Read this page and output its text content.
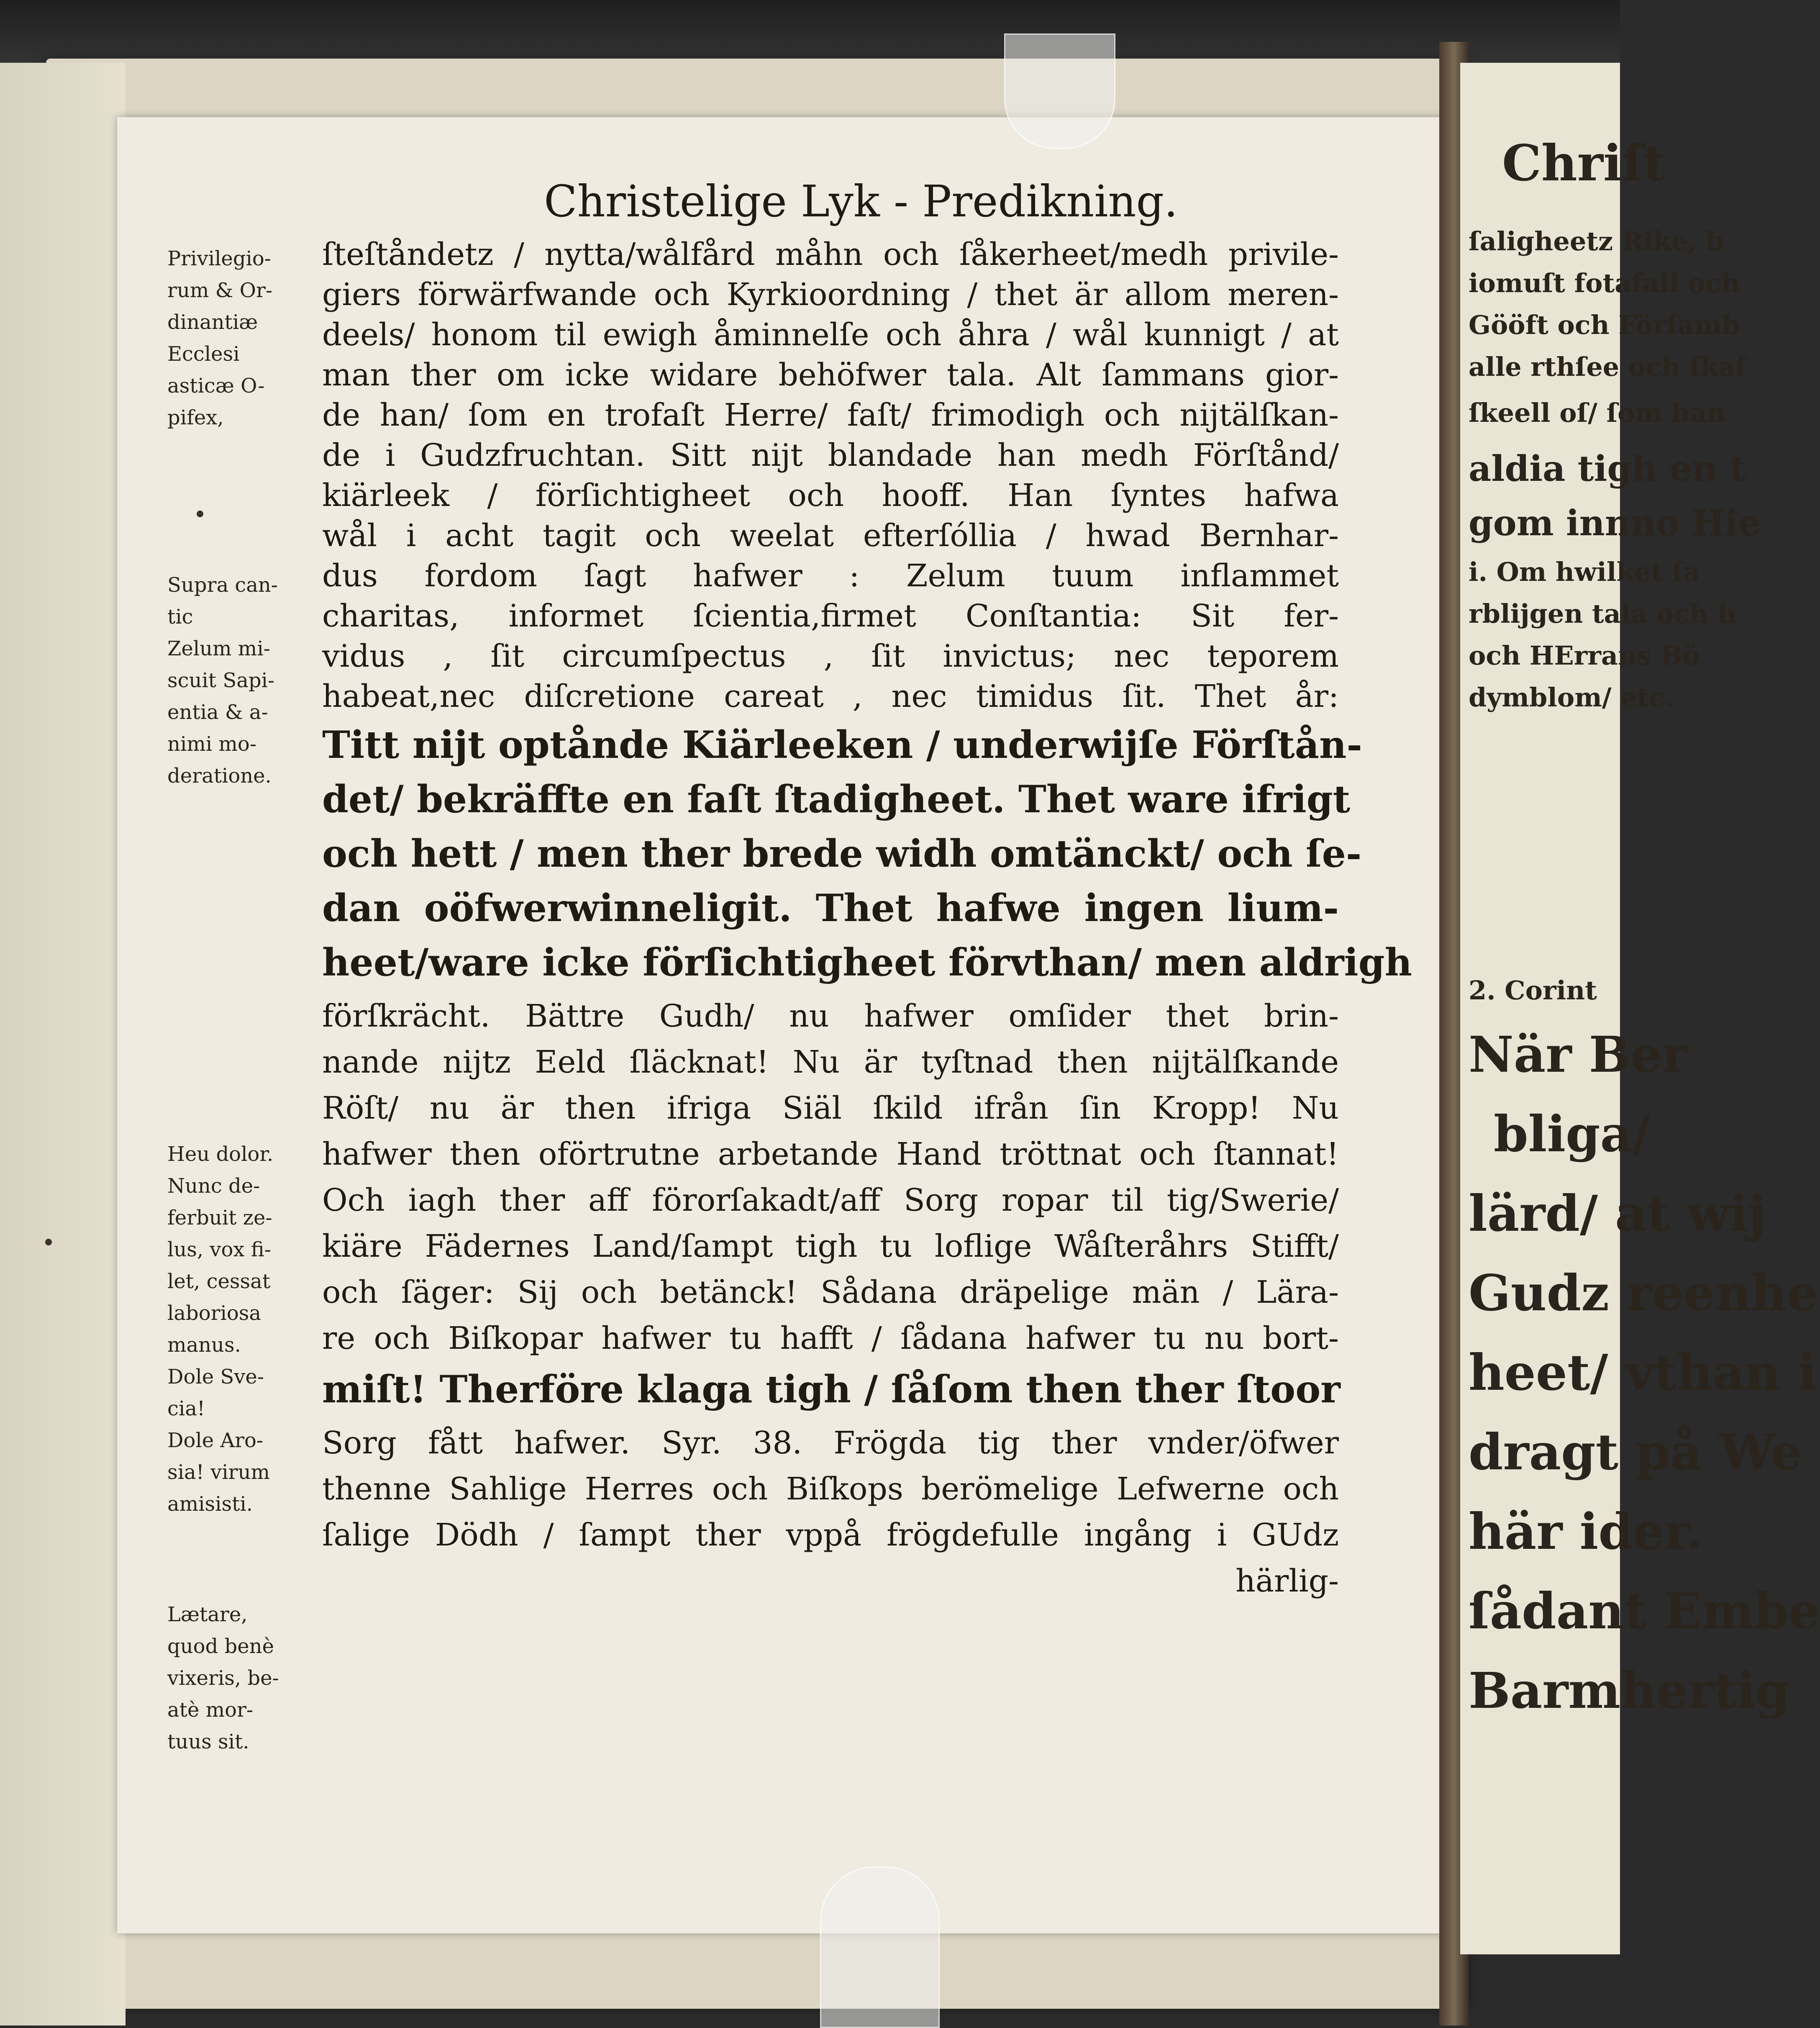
Chriſt
ſaligheetz Rike, b
iomuſt fotafall och
Gööft och Förſamb
alle rthſee och ſkaf
ſkeell oſ/ ſom han
aldia tigh en t
gom innno Hie
i. Om hwilket ſa
rblijgen tala och h
och HErrans Bö
dymblom/ etc.
2. Corint
När Ber
bliga/
lärd/ at wij
Gudz reenhe
heet/ vthan i
dragt på We
här ider.
ſådant Embe
Barmhertig
Christelige Lyk - Predikning.
Privilegio-
rum & Or-
dinantiæ
Ecclesi
asticæ O-
pifex,
Supra can-
tic
Zelum mi-
scuit Sapi-
entia & a-
nimi mo-
deratione.
Heu dolor.
Nunc de-
ferbuit ze-
lus, vox fi-
let, cessat
laboriosa
manus.
Dole Sve-
cia!
Dole Aro-
sia! virum
amisisti.
Lætare,
quod benè
vixeris, be-
atè mor-
tuus sit.
ſteſtåndetz / nytta/wålfård måhn och ſåkerheet/medh privile-
giers förwärfwande och Kyrkioordning / thet är allom meren-
deels/ honom til ewigh åminnelſe och åhra / wål kunnigt / at
man ther om icke widare behöfwer tala. Alt ſammans gior-
de han/ ſom en trofaſt Herre/ faſt/ frimodigh och nijtälſkan-
de i Gudzfruchtan. Sitt nijt blandade han medh Förſtånd/
kiärleek / förſichtigheet och hooff. Han ſyntes hafwa
wål i acht tagit och weelat efterſóllia / hwad Bernhar-
dus fordom ſagt hafwer : Zelum tuum inflammet
charitas, informet ſcientia,firmet Conſtantia: Sit fer-
vidus , ſit circumſpectus , ſit invictus; nec teporem
habeat,nec diſcretione careat , nec timidus ſit. Thet år:
Titt nijt optånde Kiärleeken / underwijſe Förſtån-
det/ bekräffte en faſt ſtadigheet. Thet ware ifrigt
och hett / men ther brede widh omtänckt/ och ſe-
dan oöfwerwinneligit. Thet hafwe ingen lium-
heet/ware icke förſichtigheet förvthan/ men aldrigh
förſkrächt. Bättre Gudh/ nu hafwer omſider thet brin-
nande nijtz Eeld ſläcknat! Nu är tyſtnad then nijtälſkande
Röſt/ nu är then ifriga Siäl ſkild ifrån ſin Kropp! Nu
hafwer then oförtrutne arbetande Hand tröttnat och ſtannat!
Och iagh ther aff förorſakadt/aff Sorg ropar til tig/Swerie/
kiäre Fädernes Land/ſampt tigh tu loflige Wåſteråhrs Stifft/
och ſäger: Sij och betänck! Sådana dräpelige män / Lära-
re och Biſkopar hafwer tu hafft / ſådana hafwer tu nu bort-
miſt! Therföre klaga tigh / ſåſom then ther ſtoor
Sorg fått hafwer. Syr. 38. Frögda tig ther vnder/öfwer
thenne Sahlige Herres och Biſkops berömelige Lefwerne och
ſalige Dödh / ſampt ther vppå frögdefulle ingång i GUdz
härlig-
